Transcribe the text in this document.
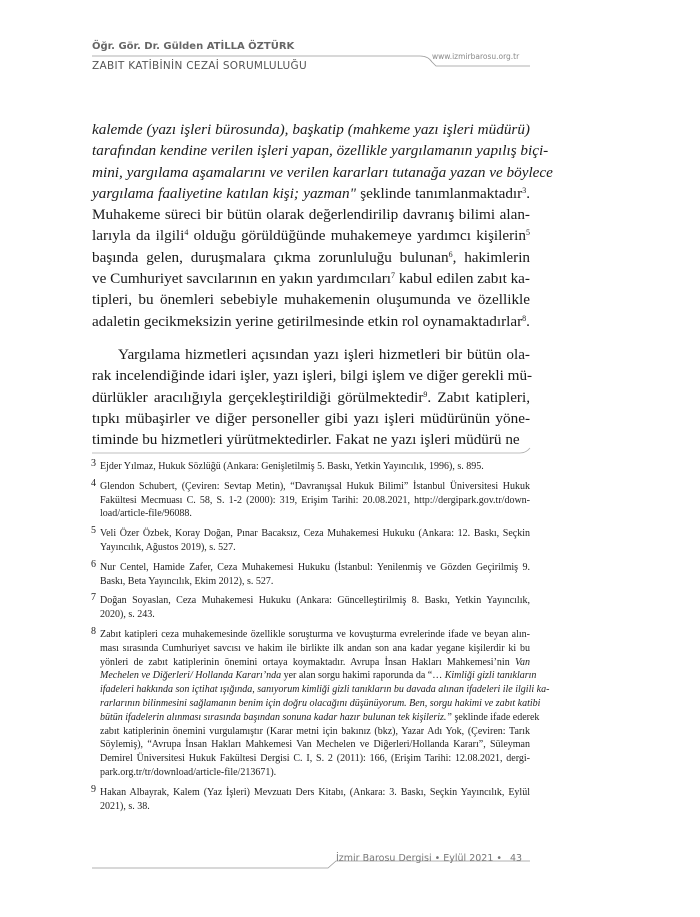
Öğr. Gör. Dr. Gülden ATİLLA ÖZTÜRK
ZABIT KATİBİNİN CEZAİ SORUMLULUĞU
www.izmirbarosu.org.tr
kalemde (yazı işleri bürosunda), başkatip (mahkeme yazı işleri müdürü)
tarafından kendine verilen işleri yapan, özellikle yargılamanın yapılış biçi-
mini, yargılama aşamalarını ve verilen kararları tutanağa yazan ve böylece
yargılama faaliyetine katılan kişi; yazman" şeklinde tanımlanmaktadır$^3$.
Muhakeme süreci bir bütün olarak değerlendirilip davranış bilimi alan-
larıyla da ilgili$^4$ olduğu görüldüğünde muhakemeye yardımcı kişilerin$^5$
başında gelen, duruşmalara çıkma zorunluluğu bulunan$^6$, hakimlerin
ve Cumhuriyet savcılarının en yakın yardımcıları$^7$ kabul edilen zabıt ka-
tipleri, bu önemleri sebebiyle muhakemenin oluşumunda ve özellikle
adaletin gecikmeksizin yerine getirilmesinde etkin rol oynamaktadırlar$^8$.
Yargılama hizmetleri açısından yazı işleri hizmetleri bir bütün ola-
rak incelendiğinde idari işler, yazı işleri, bilgi işlem ve diğer gerekli mü-
dürlükler aracılığıyla gerçekleştirildiği görülmektedir$^9$. Zabıt katipleri,
tıpkı mübaşirler ve diğer personeller gibi yazı işleri müdürünün yöne-
timinde bu hizmetleri yürütmektedirler. Fakat ne yazı işleri müdürü ne
3 Ejder Yılmaz, Hukuk Sözlüğü (Ankara: Genişletilmiş 5. Baskı, Yetkin Yayıncılık, 1996), s. 895.
4 Glendon Schubert, (Çeviren: Sevtap Metin), “Davranışsal Hukuk Bilimi” İstanbul Üniversitesi Hukuk
Fakültesi Mecmuası C. 58, S. 1-2 (2000): 319, Erişim Tarihi: 20.08.2021, http://dergipark.gov.tr/down-
load/article-file/96088.
5 Veli Özer Özbek, Koray Doğan, Pınar Bacaksız, Ceza Muhakemesi Hukuku (Ankara: 12. Baskı, Seçkin
Yayıncılık, Ağustos 2019), s. 527.
6 Nur Centel, Hamide Zafer, Ceza Muhakemesi Hukuku (İstanbul: Yenilenmiş ve Gözden Geçirilmiş 9.
Baskı, Beta Yayıncılık, Ekim 2012), s. 527.
7 Doğan Soyaslan, Ceza Muhakemesi Hukuku (Ankara: Güncelleştirilmiş 8. Baskı, Yetkin Yayıncılık,
2020), s. 243.
8 Zabıt katipleri ceza muhakemesinde özellikle soruşturma ve kovuşturma evrelerinde ifade ve beyan alın-
ması sırasında Cumhuriyet savcısı ve hakim ile birlikte ilk andan son ana kadar yegane kişilerdir ki bu
yönleri de zabıt katiplerinin önemini ortaya koymaktadır. Avrupa İnsan Hakları Mahkemesi’nin Van
Mechelen ve Diğerleri/ Hollanda Kararı’nda yer alan sorgu hakimi raporunda da “… Kimliği gizli tanıkların
ifadeleri hakkında son içtihat ışığında, sanıyorum kimliği gizli tanıkların bu davada alınan ifadeleri ile ilgili ka-
rarlarının bilinmesini sağlamanın benim için doğru olacağını düşünüyorum. Ben, sorgu hakimi ve zabıt katibi
bütün ifadelerin alınması sırasında başından sonuna kadar hazır bulunan tek kişileriz.” şeklinde ifade ederek
zabıt katiplerinin önemini vurgulamıştır (Karar metni için bakınız (bkz), Yazar Adı Yok, (Çeviren: Tarık
Söylemiş), “Avrupa İnsan Hakları Mahkemesi Van Mechelen ve Diğerleri/Hollanda Kararı”, Süleyman
Demirel Üniversitesi Hukuk Fakültesi Dergisi C. I, S. 2 (2011): 166, (Erişim Tarihi: 12.08.2021, dergi-
park.org.tr/tr/download/article-file/213671).
9 Hakan Albayrak, Kalem (Yaz İşleri) Mevzuatı Ders Kitabı, (Ankara: 3. Baskı, Seçkin Yayıncılık, Eylül
2021), s. 38.
İzmir Barosu Dergisi • Eylül 2021 • 43
